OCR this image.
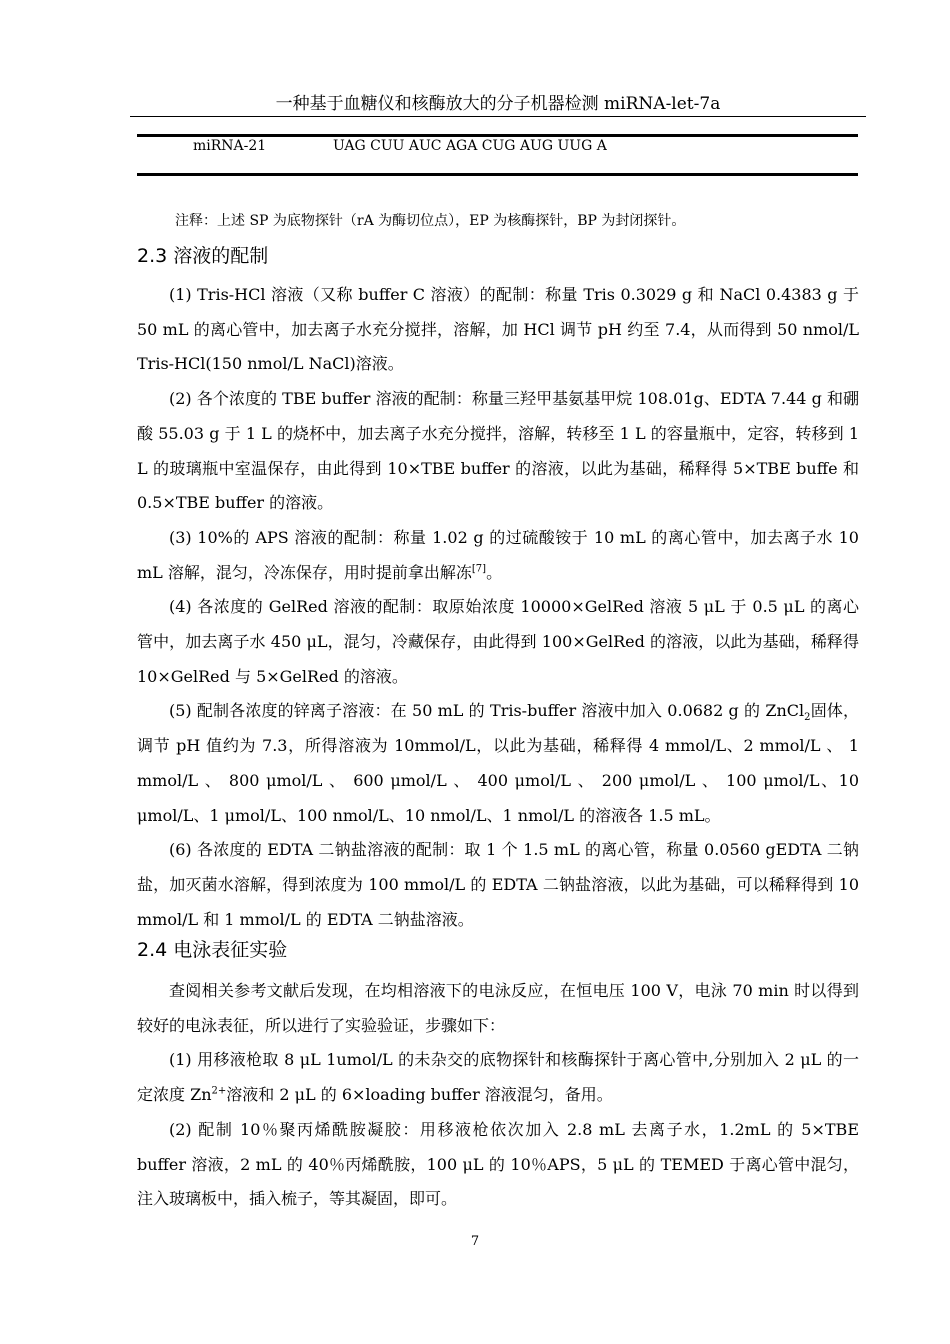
一种基于血糖仪和核酶放大的分子机器检测 miRNA-let-7a
miRNA-21	UAG CUU AUC AGA CUG AUG UUG A
注释：上述 SP 为底物探针（rA 为酶切位点），EP 为核酶探针，BP 为封闭探针。
2.3 溶液的配制

(1) Tris-HCl 溶液（又称 buffer C 溶液）的配制：称量 Tris 0.3029 g 和 NaCl 0.4383 g 于 50 mL 的离心管中，加去离子水充分搅拌，溶解，加 HCl 调节 pH 约至 7.4，从而得到 50 nmol/L Tris-HCl(150 nmol/L NaCl)溶液。

(2) 各个浓度的 TBE buffer 溶液的配制：称量三羟甲基氨基甲烷 108.01g、EDTA 7.44 g 和硼酸 55.03 g 于 1 L 的烧杯中，加去离子水充分搅拌，溶解，转移至 1 L 的容量瓶中，定容，转移到 1 L 的玻璃瓶中室温保存，由此得到 10×TBE buffer 的溶液，以此为基础，稀释得 5×TBE buffe 和 0.5×TBE buffer 的溶液。

(3) 10%的 APS 溶液的配制：称量 1.02 g 的过硫酸铵于 10 mL 的离心管中，加去离子水 10 mL 溶解，混匀，冷冻保存，用时提前拿出解冻[7]。

(4) 各浓度的 GelRed 溶液的配制：取原始浓度 10000×GelRed 溶液 5 μL 于 0.5 μL 的离心管中，加去离子水 450 μL，混匀，冷藏保存，由此得到 100×GelRed 的溶液，以此为基础，稀释得 10×GelRed 与 5×GelRed 的溶液。

(5) 配制各浓度的锌离子溶液：在 50 mL 的 Tris-buffer 溶液中加入 0.0682 g 的 ZnCl$_2$固体，调节 pH 值约为 7.3，所得溶液为 10mmol/L，以此为基础，稀释得 4 mmol/L、2 mmol/L 、 1 mmol/L 、 800 μmol/L 、 600 μmol/L 、 400 μmol/L 、 200 μmol/L 、 100 μmol/L、10 μmol/L、1 μmol/L、100 nmol/L、10 nmol/L、1 nmol/L 的溶液各 1.5 mL。

(6) 各浓度的 EDTA 二钠盐溶液的配制：取 1 个 1.5 mL 的离心管，称量 0.0560 gEDTA 二钠盐，加灭菌水溶解，得到浓度为 100 mmol/L 的 EDTA 二钠盐溶液，以此为基础，可以稀释得到 10 mmol/L 和 1 mmol/L 的 EDTA 二钠盐溶液。

2.4 电泳表征实验

查阅相关参考文献后发现，在均相溶液下的电泳反应，在恒电压 100 V，电泳 70 min 时以得到较好的电泳表征，所以进行了实验验证，步骤如下：

(1) 用移液枪取 8 μL 1umol/L 的未杂交的底物探针和核酶探针于离心管中,分别加入 2 μL 的一定浓度 $Zn^{2+}$溶液和 2 μL 的 6×loading buffer 溶液混匀，备用。

(2) 配制 10％聚丙烯酰胺凝胶：用移液枪依次加入 2.8 mL 去离子水，1.2mL 的 5×TBE buffer 溶液，2 mL 的 40％丙烯酰胺，100 μL 的 10％APS，5 μL 的 TEMED 于离心管中混匀，注入玻璃板中，插入梳子，等其凝固，即可。

7
